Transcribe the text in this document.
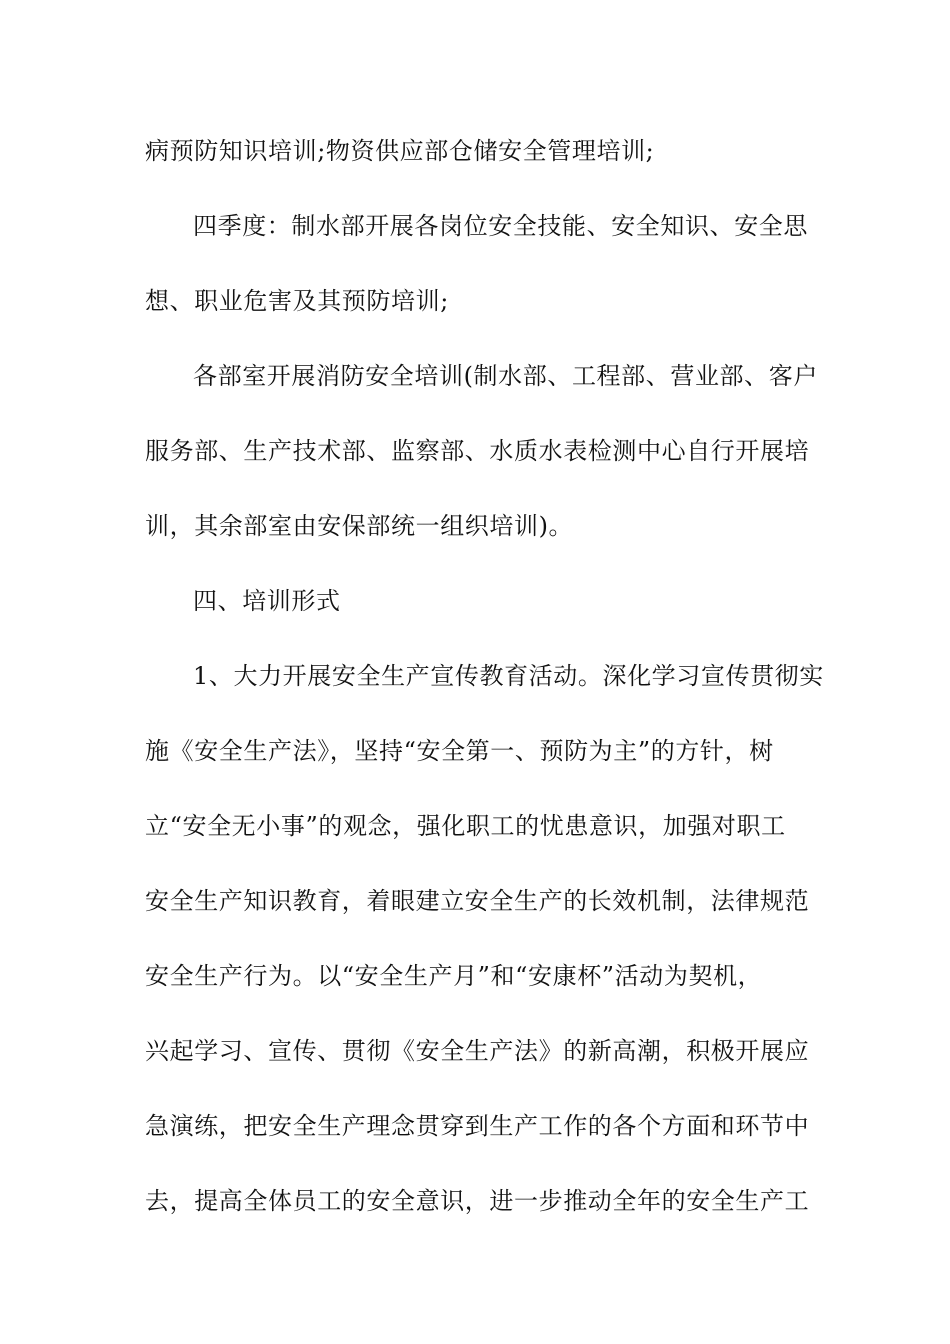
病预防知识培训;物资供应部仓储安全管理培训;
四季度：制水部开展各岗位安全技能、安全知识、安全思
想、职业危害及其预防培训;
各部室开展消防安全培训(制水部、工程部、营业部、客户
服务部、生产技术部、监察部、水质水表检测中心自行开展培
训，其余部室由安保部统一组织培训)。
四、培训形式
1、大力开展安全生产宣传教育活动。深化学习宣传贯彻实
施《安全生产法》，坚持“安全第一、预防为主”的方针，树
立“安全无小事”的观念，强化职工的忧患意识，加强对职工
安全生产知识教育，着眼建立安全生产的长效机制，法律规范
安全生产行为。以“安全生产月”和“安康杯”活动为契机，
兴起学习、宣传、贯彻《安全生产法》的新高潮，积极开展应
急演练，把安全生产理念贯穿到生产工作的各个方面和环节中
去，提高全体员工的安全意识，进一步推动全年的安全生产工
